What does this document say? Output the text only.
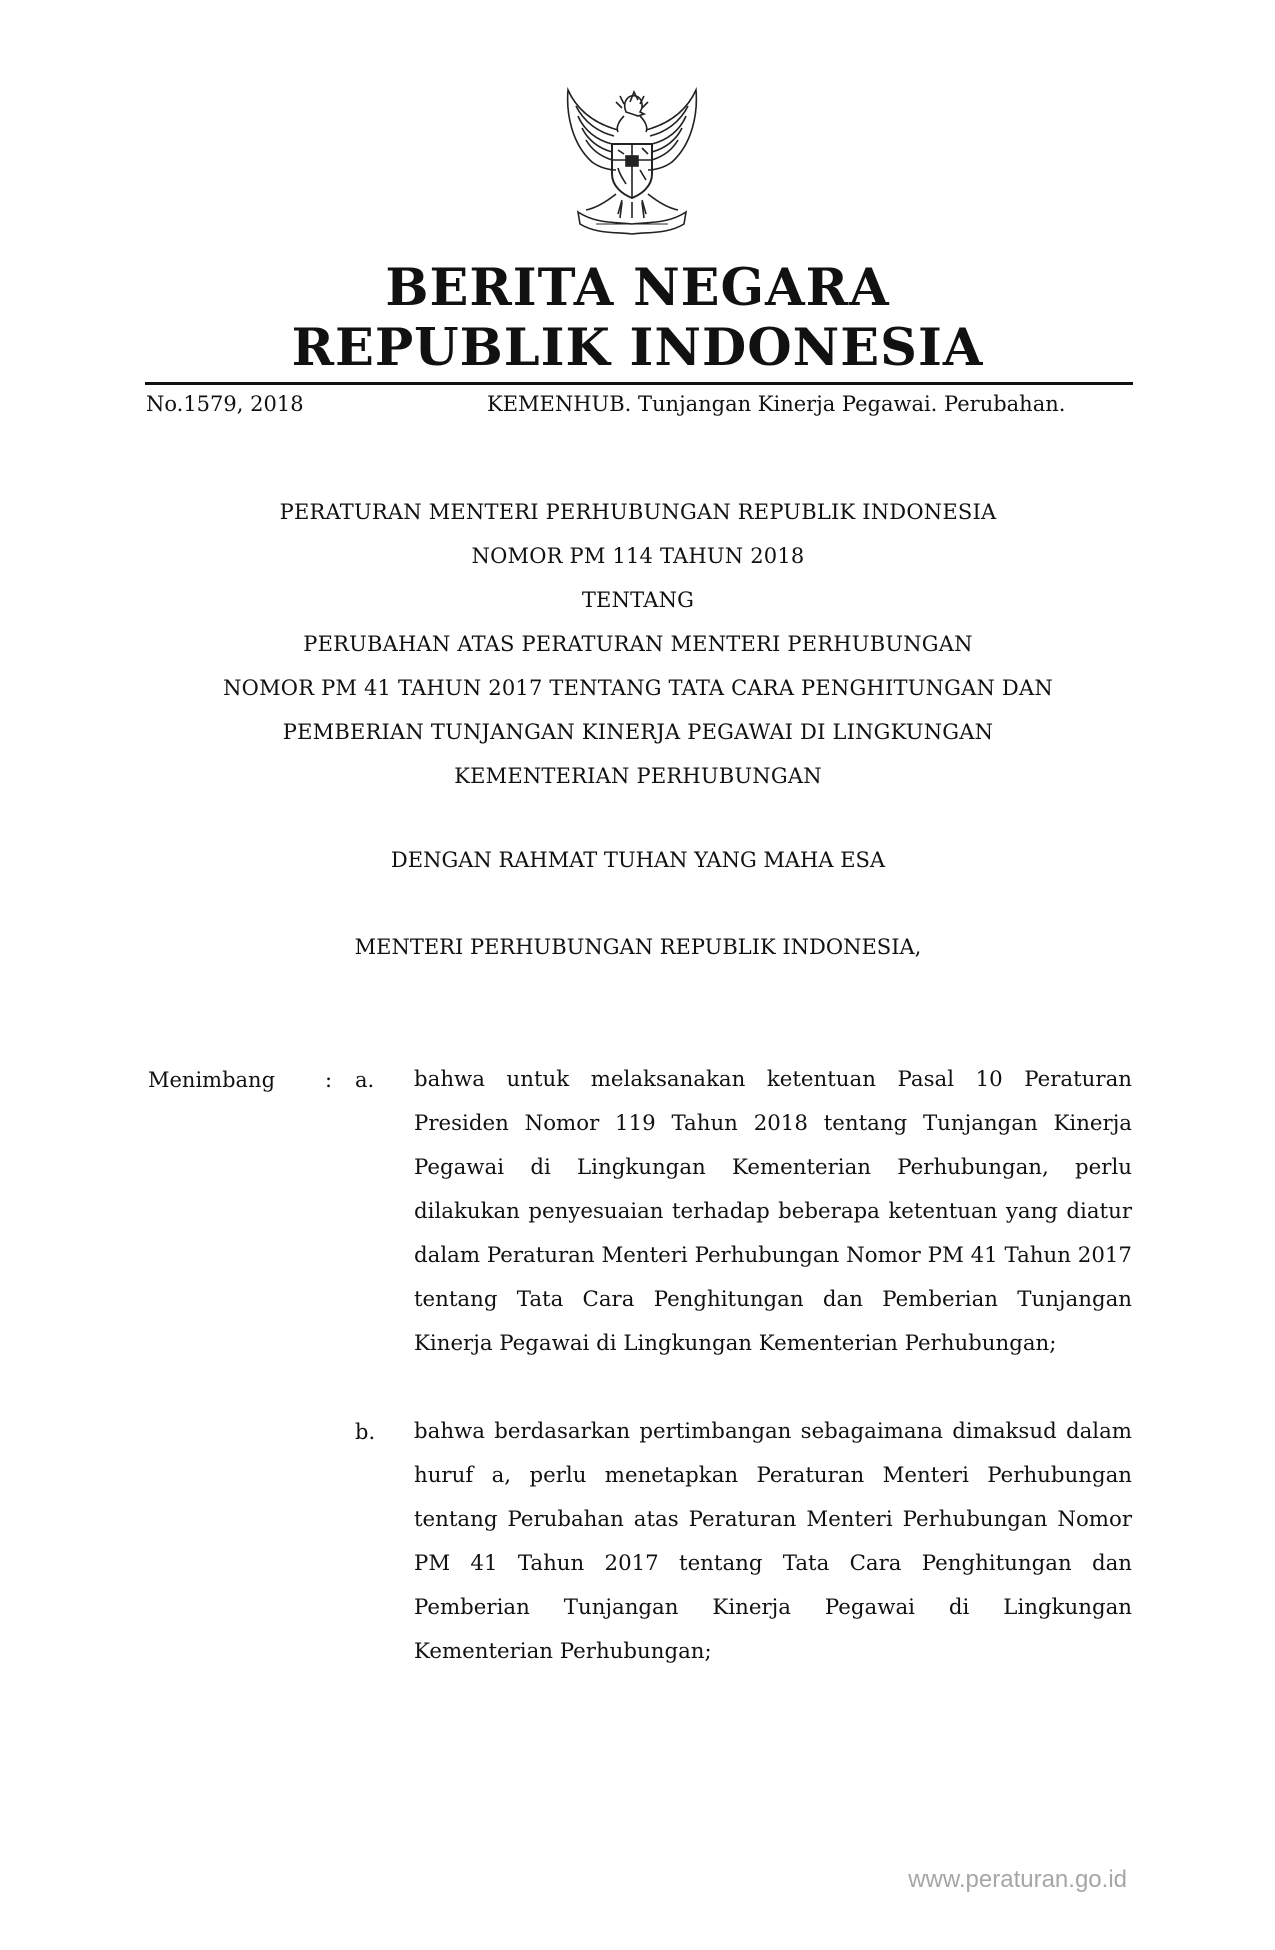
BERITA NEGARA
REPUBLIK INDONESIA
No.1579, 2018	KEMENHUB. Tunjangan Kinerja Pegawai. Perubahan.
PERATURAN MENTERI PERHUBUNGAN REPUBLIK INDONESIA
NOMOR PM 114 TAHUN 2018
TENTANG
PERUBAHAN ATAS PERATURAN MENTERI PERHUBUNGAN
NOMOR PM 41 TAHUN 2017 TENTANG TATA CARA PENGHITUNGAN DAN
PEMBERIAN TUNJANGAN KINERJA PEGAWAI DI LINGKUNGAN
KEMENTERIAN PERHUBUNGAN
DENGAN RAHMAT TUHAN YANG MAHA ESA
MENTERI PERHUBUNGAN REPUBLIK INDONESIA,
Menimbang : a. bahwa untuk melaksanakan ketentuan Pasal 10 Peraturan Presiden Nomor 119 Tahun 2018 tentang Tunjangan Kinerja Pegawai di Lingkungan Kementerian Perhubungan, perlu dilakukan penyesuaian terhadap beberapa ketentuan yang diatur dalam Peraturan Menteri Perhubungan Nomor PM 41 Tahun 2017 tentang Tata Cara Penghitungan dan Pemberian Tunjangan Kinerja Pegawai di Lingkungan Kementerian Perhubungan;
b. bahwa berdasarkan pertimbangan sebagaimana dimaksud dalam huruf a, perlu menetapkan Peraturan Menteri Perhubungan tentang Perubahan atas Peraturan Menteri Perhubungan Nomor PM 41 Tahun 2017 tentang Tata Cara Penghitungan dan Pemberian Tunjangan Kinerja Pegawai di Lingkungan Kementerian Perhubungan;
www.peraturan.go.id
